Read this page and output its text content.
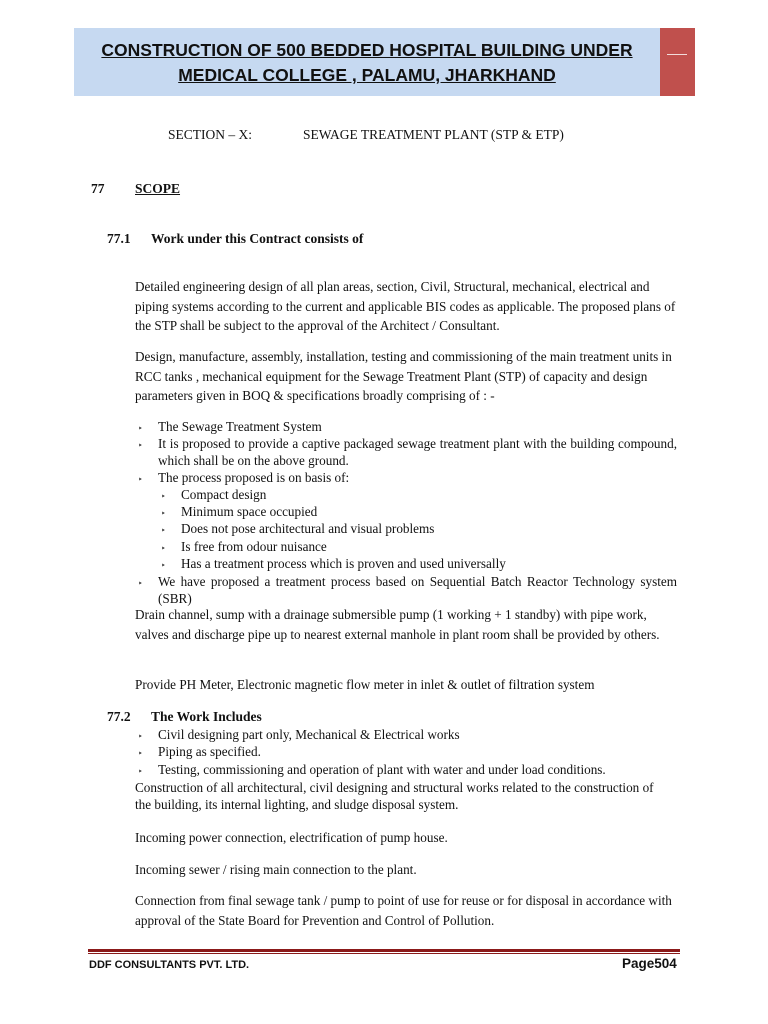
CONSTRUCTION OF 500 BEDDED HOSPITAL BUILDING UNDER
MEDICAL COLLEGE , PALAMU, JHARKHAND
SECTION – X:	SEWAGE TREATMENT PLANT (STP & ETP)
77 SCOPE
77.1 Work under this Contract consists of
Detailed engineering design of all plan areas, section, Civil, Structural, mechanical, electrical and piping systems according to the current and applicable BIS codes as applicable. The proposed plans of the STP shall be subject to the approval of the Architect / Consultant.
Design, manufacture, assembly, installation, testing and commissioning of the main treatment units in RCC tanks , mechanical equipment for the Sewage Treatment Plant (STP) of capacity and design parameters given in BOQ & specifications broadly comprising of : -
‣ The Sewage Treatment System
‣ It is proposed to provide a captive packaged sewage treatment plant with the building compound, which shall be on the above ground.
‣ The process proposed is on basis of:
‣ Compact design
‣ Minimum space occupied
‣ Does not pose architectural and visual problems
‣ Is free from odour nuisance
‣ Has a treatment process which is proven and used universally
‣ We have proposed a treatment process based on Sequential Batch Reactor Technology system (SBR)
Drain channel, sump with a drainage submersible pump (1 working + 1 standby) with pipe work, valves and discharge pipe up to nearest external manhole in plant room shall be provided by others.
Provide PH Meter, Electronic magnetic flow meter in inlet & outlet of filtration system
77.2 The Work Includes
‣ Civil designing part only, Mechanical & Electrical works
‣ Piping as specified.
‣ Testing, commissioning and operation of plant with water and under load conditions.
Construction of all architectural, civil designing and structural works related to the construction of the building, its internal lighting, and sludge disposal system.
Incoming power connection, electrification of pump house.
Incoming sewer / rising main connection to the plant.
Connection from final sewage tank / pump to point of use for reuse or for disposal in accordance with approval of the State Board for Prevention and Control of Pollution.
DDF CONSULTANTS PVT. LTD.	Page504
